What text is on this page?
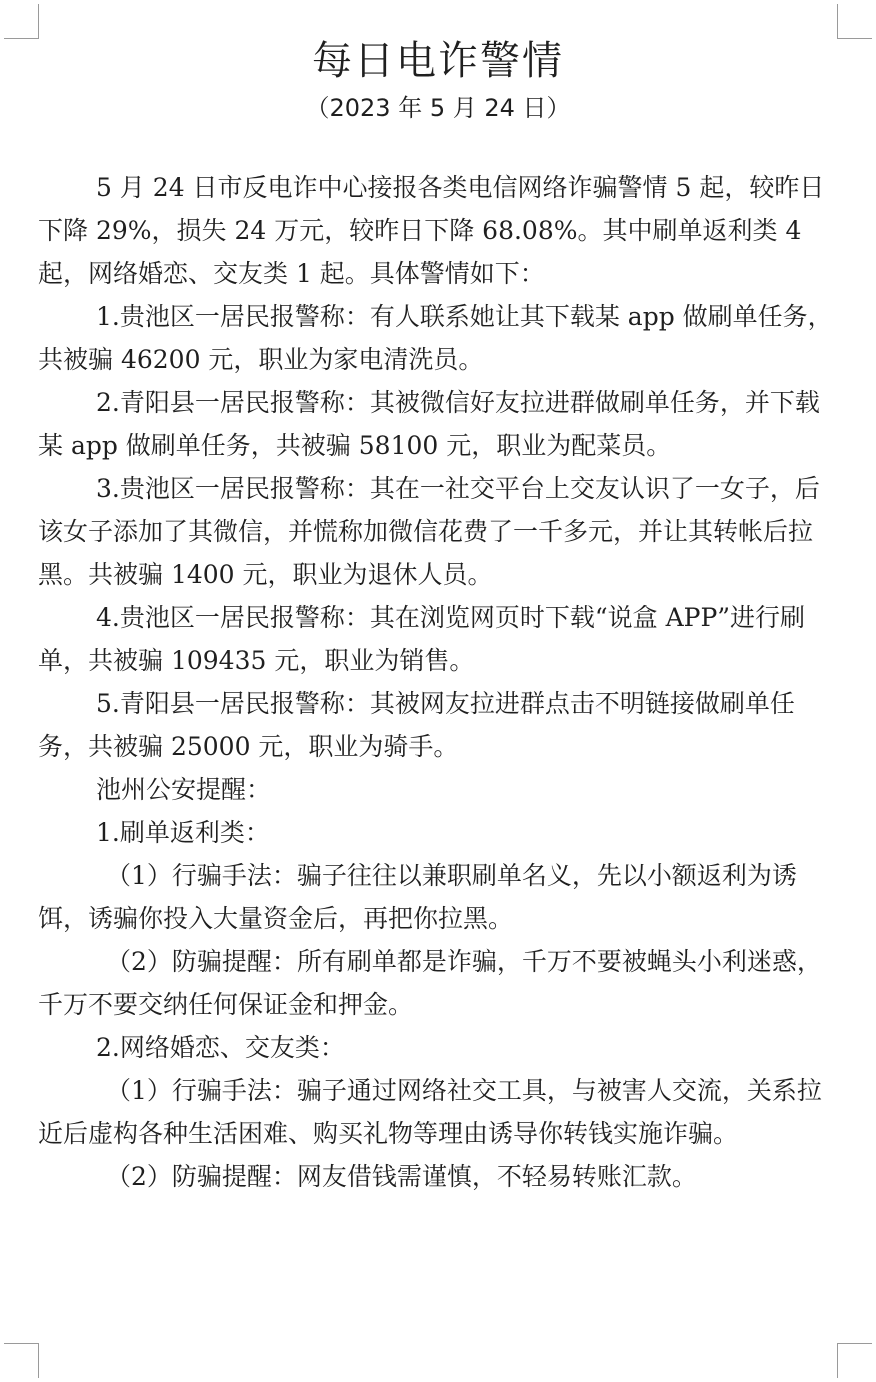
每日电诈警情
（2023 年 5 月 24 日）

5 月 24 日市反电诈中心接报各类电信网络诈骗警情 5 起，较昨日下降 29%，损失 24 万元，较昨日下降 68.08%。其中刷单返利类 4 起，网络婚恋、交友类 1 起。具体警情如下：

1.贵池区一居民报警称：有人联系她让其下载某 app 做刷单任务，共被骗 46200 元，职业为家电清洗员。

2.青阳县一居民报警称：其被微信好友拉进群做刷单任务，并下载某 app 做刷单任务，共被骗 58100 元，职业为配菜员。

3.贵池区一居民报警称：其在一社交平台上交友认识了一女子，后该女子添加了其微信，并慌称加微信花费了一千多元，并让其转帐后拉黑。共被骗 1400 元，职业为退休人员。

4.贵池区一居民报警称：其在浏览网页时下载“说盒 APP”进行刷单，共被骗 109435 元，职业为销售。

5.青阳县一居民报警称：其被网友拉进群点击不明链接做刷单任务，共被骗 25000 元，职业为骑手。

池州公安提醒：

1.刷单返利类：

（1）行骗手法：骗子往往以兼职刷单名义，先以小额返利为诱饵，诱骗你投入大量资金后，再把你拉黑。

（2）防骗提醒：所有刷单都是诈骗，千万不要被蝇头小利迷惑，千万不要交纳任何保证金和押金。

2.网络婚恋、交友类：

（1）行骗手法：骗子通过网络社交工具，与被害人交流，关系拉近后虚构各种生活困难、购买礼物等理由诱导你转钱实施诈骗。

（2）防骗提醒：网友借钱需谨慎，不轻易转账汇款。
